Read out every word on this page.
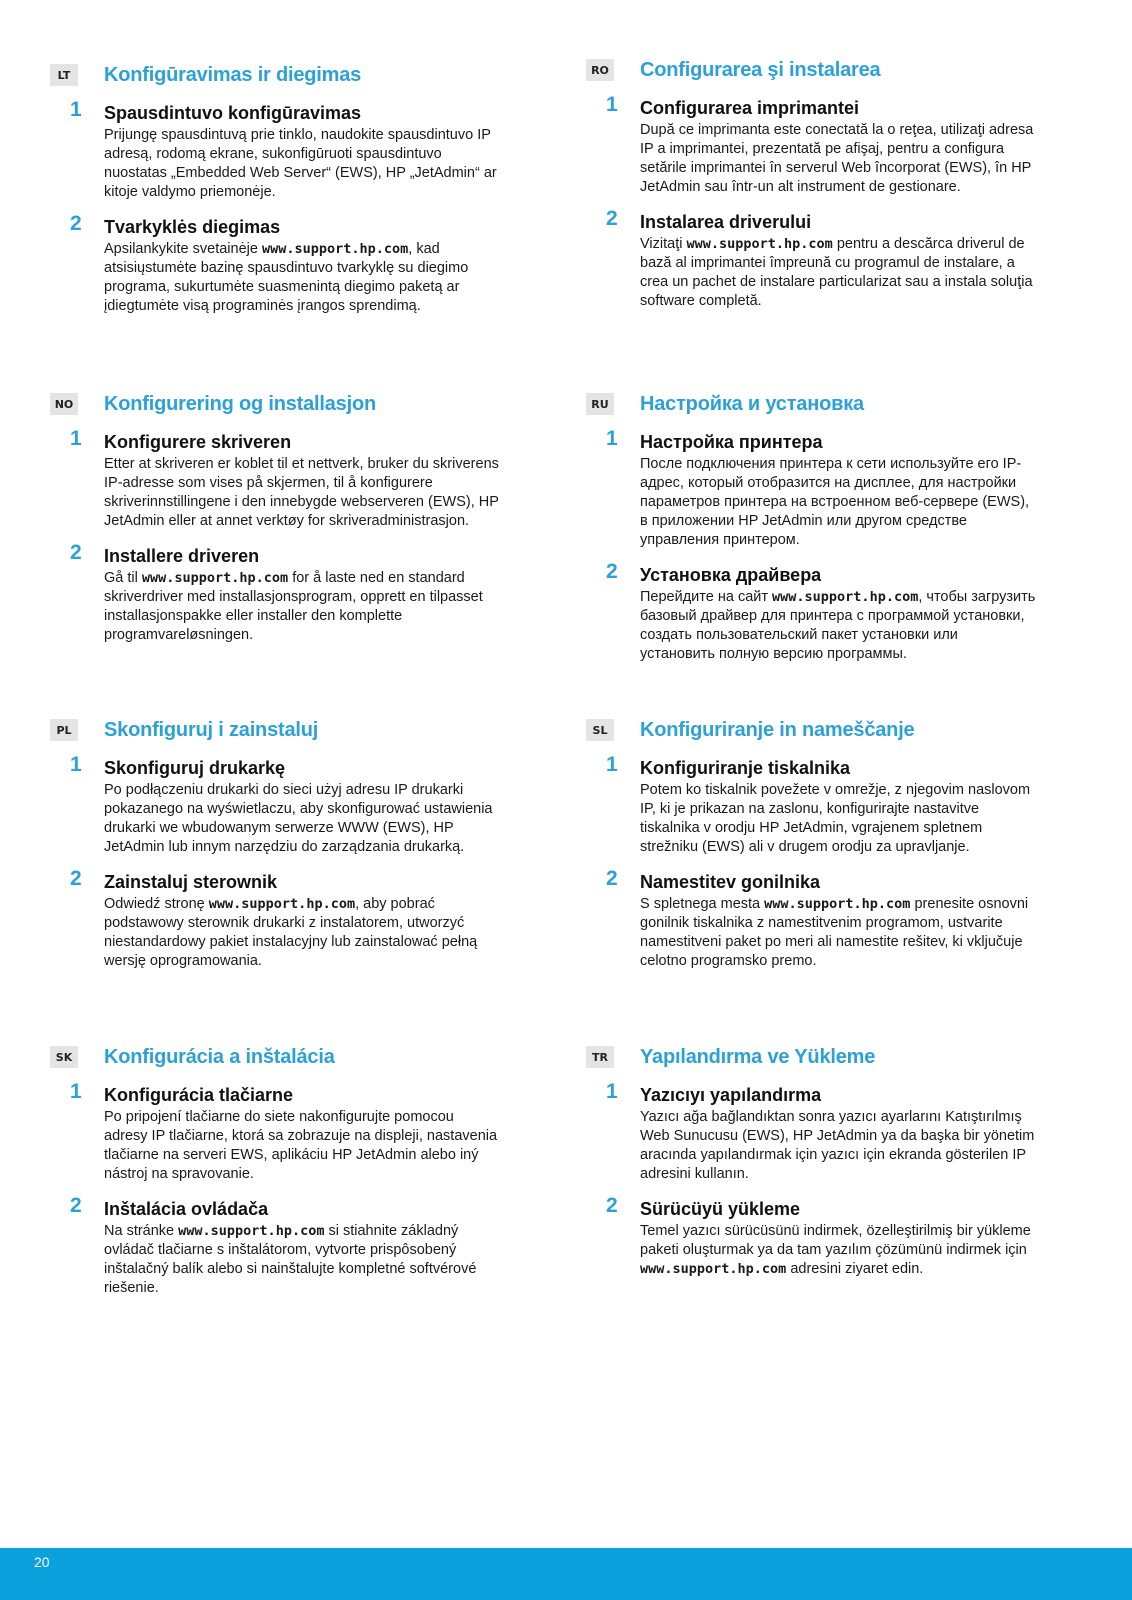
LT	Konfigūravimas ir diegimas
1 Spausdintuvo konfigūravimas
Prijungę spausdintuvą prie tinklo, naudokite spausdintuvo IP adresą, rodomą ekrane, sukonfigūruoti spausdintuvo nuostatas „Embedded Web Server“ (EWS), HP „JetAdmin“ ar kitoje valdymo priemonėje.
2 Tvarkyklės diegimas
Apsilankykite svetainėje www.support.hp.com, kad atsisiųstumėte bazinę spausdintuvo tvarkyklę su diegimo programa, sukurtumėte suasmenintą diegimo paketą ar įdiegtumėte visą programinės įrangos sprendimą.
RO Configurarea şi instalarea
1 Configurarea imprimantei
După ce imprimanta este conectată la o reţea, utilizaţi adresa IP a imprimantei, prezentată pe afişaj, pentru a configura setările imprimantei în serverul Web încorporat (EWS), în HP JetAdmin sau într-un alt instrument de gestionare.
2 Instalarea driverului
Vizitaţi www.support.hp.com pentru a descărca driverul de bază al imprimantei împreună cu programul de instalare, a crea un pachet de instalare particularizat sau a instala soluţia software completă.
NO Konfigurering og installasjon
1 Konfigurere skriveren
Etter at skriveren er koblet til et nettverk, bruker du skriverens IP-adresse som vises på skjermen, til å konfigurere skriverinnstillingene i den innebygde webserveren (EWS), HP JetAdmin eller at annet verktøy for skriveradministrasjon.
2 Installere driveren
Gå til www.support.hp.com for å laste ned en standard skriverdriver med installasjonsprogram, opprett en tilpasset installasjonspakke eller installer den komplette programvareløsningen.
RU Настройка и установка
1 Настройка принтера
После подключения принтера к сети используйте его IP-адрес, который отобразится на дисплее, для настройки параметров принтера на встроенном веб-сервере (EWS), в приложении HP JetAdmin или другом средстве управления принтером.
2 Установка драйвера
Перейдите на сайт www.support.hp.com, чтобы загрузить базовый драйвер для принтера с программой установки, создать пользовательский пакет установки или установить полную версию программы.
PL	Skonfiguruj i zainstaluj
1 Skonfiguruj drukarkę
Po podłączeniu drukarki do sieci użyj adresu IP drukarki pokazanego na wyświetlaczu, aby skonfigurować ustawienia drukarki we wbudowanym serwerze WWW (EWS), HP JetAdmin lub innym narzędziu do zarządzania drukarką.
2 Zainstaluj sterownik
Odwiedź stronę www.support.hp.com, aby pobrać podstawowy sterownik drukarki z instalatorem, utworzyć niestandardowy pakiet instalacyjny lub zainstalować pełną wersję oprogramowania.
SL	Konfiguriranje in nameščanje
1 Konfiguriranje tiskalnika
Potem ko tiskalnik povežete v omrežje, z njegovim naslovom IP, ki je prikazan na zaslonu, konfigurirajte nastavitve tiskalnika v orodju HP JetAdmin, vgrajenem spletnem strežniku (EWS) ali v drugem orodju za upravljanje.
2 Namestitev gonilnika
S spletnega mesta www.support.hp.com prenesite osnovni gonilnik tiskalnika z namestitvenim programom, ustvarite namestitveni paket po meri ali namestite rešitev, ki vključuje celotno programsko premo.
SK Konfigurácia a inštalácia
1 Konfigurácia tlačiarne
Po pripojení tlačiarne do siete nakonfigurujte pomocou adresy IP tlačiarne, ktorá sa zobrazuje na displeji, nastavenia tlačiarne na serveri EWS, aplikáciu HP JetAdmin alebo iný nástroj na spravovanie.
2 Inštalácia ovládača
Na stránke www.support.hp.com si stiahnite základný ovládač tlačiarne s inštalátorom, vytvorte prispôsobený inštalačný balík alebo si nainštalujte kompletné softvérové riešenie.
TR	Yapılandırma ve Yükleme
1 Yazıcıyı yapılandırma
Yazıcı ağa bağlandıktan sonra yazıcı ayarlarını Katıştırılmış Web Sunucusu (EWS), HP JetAdmin ya da başka bir yönetim aracında yapılandırmak için yazıcı için ekranda gösterilen IP adresini kullanın.
2 Sürücüyü yükleme
Temel yazıcı sürücüsünü indirmek, özelleştirilmiş bir yükleme paketi oluşturmak ya da tam yazılım çözümünü indirmek için www.support.hp.com adresini ziyaret edin.
20
